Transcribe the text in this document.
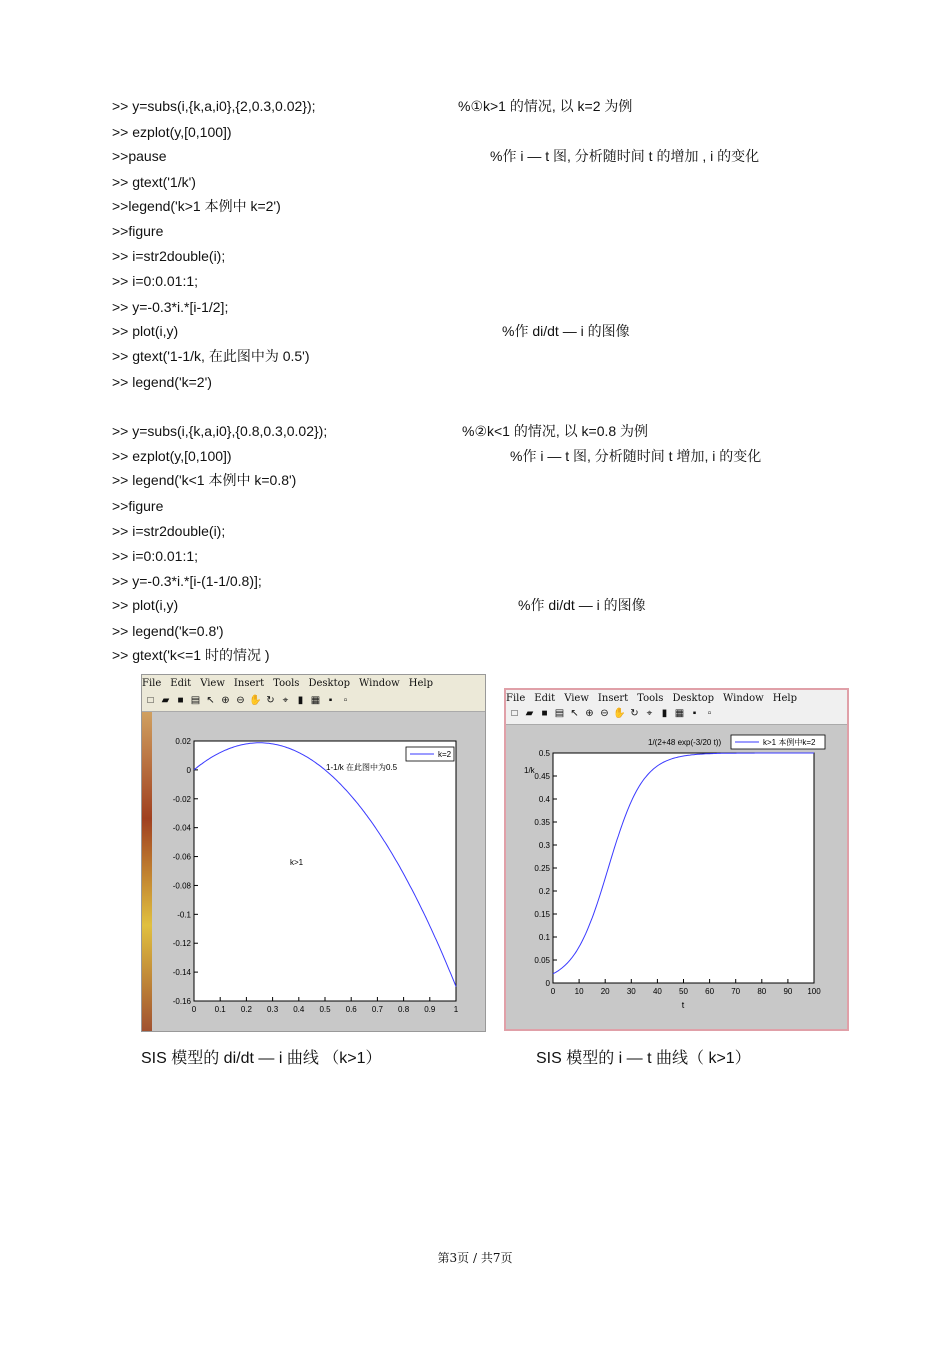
>> y=subs(i,{k,a,i0},{2,0.3,0.02});	%①k>1 的情况, 以 k=2 为例
>> ezplot(y,[0,100])
>>pause	%作 i — t 图, 分析随时间 t 的增加 , i 的变化
>> gtext('1/k')
>>legend('k>1 本例中 k=2')
>>figure
>> i=str2double(i);
>> i=0:0.01:1;
>> y=-0.3*i.*[i-1/2];
>> plot(i,y)	%作 di/dt — i 的图像
>> gtext('1-1/k, 在此图中为 0.5')
>> legend('k=2')
>> y=subs(i,{k,a,i0},{0.8,0.3,0.02});	%②k<1 的情况, 以 k=0.8 为例
>> ezplot(y,[0,100])	%作 i — t 图, 分析随时间 t 增加, i 的变化
>> legend('k<1 本例中 k=0.8')
>>figure
>> i=str2double(i);
>> i=0:0.01:1;
>> y=-0.3*i.*[i-(1-1/0.8)];
>> plot(i,y)	%作 di/dt — i 的图像
>> legend('k=0.8')
>> gtext('k<=1 时的情况 )
File Edit View Insert Tools Desktop Window Help
□ ▰ ■ ▤ ↖ ⊕ ⊖ ✋ ↻ ⌖ ▮ ▦ ▪ ▫
0 0.1 0.2 0.3 0.4 0.5 0.6 0.7 0.8 0.9 1
0.02
0
-0.02
-0.04
-0.06
-0.08
-0.1
-0.12
-0.14
-0.16
k=2
1-1/k 在此图中为0.5
k>1
File Edit View Insert Tools Desktop Window Help
□ ▰ ■ ▤ ↖ ⊕ ⊖ ✋ ↻ ⌖ ▮ ▦ ▪ ▫
0 10 20 30 40 50 60 70 80 90 100
0.5
0.45
0.4
0.35
0.3
0.25
0.2
0.15
0.1
0.05
0
k>1 本例中k=2
1/(2+48 exp(-3/20 t))
1/k
t
SIS 模型的 di/dt — i 曲线 （k>1）	SIS 模型的 i — t 曲线（ k>1）
第3页 / 共7页
